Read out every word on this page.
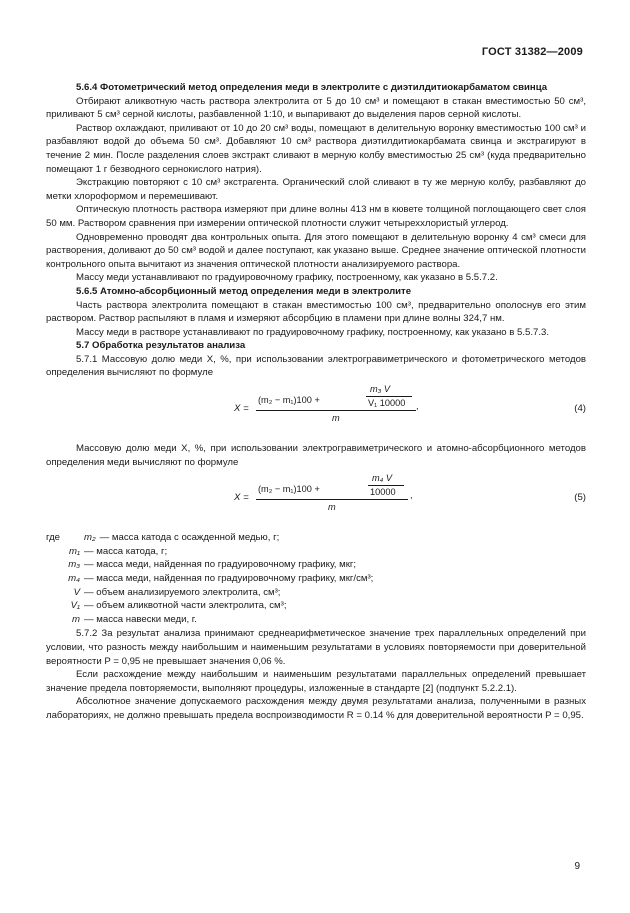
ГОСТ 31382—2009

5.6.4 Фотометрический метод определения меди в электролите с диэтилдитиокарбаматом свинца

Отбирают аликвотную часть раствора электролита от 5 до 10 см³ и помещают в стакан вместимостью 50 см³, приливают 5 см³ серной кислоты, разбавленной 1:10, и выпаривают до выделения паров серной кислоты.

Раствор охлаждают, приливают от 10 до 20 см³ воды, помещают в делительную воронку вместимостью 100 см³ и разбавляют водой до объема 50 см³. Добавляют 10 см³ раствора диэтилдитиокарбамата свинца и экстрагируют в течение 2 мин. После разделения слоев экстракт сливают в мерную колбу вместимостью 25 см³ (куда предварительно помещают 1 г безводного сернокислого натрия).

Экстракцию повторяют с 10 см³ экстрагента. Органический слой сливают в ту же мерную колбу, разбавляют до метки хлороформом и перемешивают.

Оптическую плотность раствора измеряют при длине волны 413 нм в кювете толщиной поглощающего свет слоя 50 мм. Раствором сравнения при измерении оптической плотности служит четыреххлористый углерод.

Одновременно проводят два контрольных опыта. Для этого помещают в делительную воронку 4 см³ смеси для растворения, доливают до 50 см³ водой и далее поступают, как указано выше. Среднее значение оптической плотности контрольного опыта вычитают из значения оптической плотности анализируемого раствора.

Массу меди устанавливают по градуировочному графику, построенному, как указано в 5.5.7.2.

5.6.5 Атомно-абсорбционный метод определения меди в электролите

Часть раствора электролита помещают в стакан вместимостью 100 см³, предварительно ополоснув его этим раствором. Раствор распыляют в пламя и измеряют абсорбцию в пламени при длине волны 324,7 нм.

Массу меди в растворе устанавливают по градуировочному графику, построенному, как указано в 5.5.7.3.

5.7 Обработка результатов анализа

5.7.1 Массовую долю меди X, %, при использовании электрогравиметрического и фотометрического методов определения вычисляют по формуле

X =
(m₂ − m₁)100 +
m₃ V
V₁ 10000
m
,	(4)

Массовую долю меди X, %, при использовании электрогравиметрического и атомно-абсорбционного методов определения меди вычисляют по формуле

X =
(m₂ − m₁)100 +
m₄ V
10000
m
,	(5)
где	m₂ — масса катода с осажденной медью, г;
m₁ — масса катода, г;
m₃ — масса меди, найденная по градуировочному графику, мкг;
m₄ — масса меди, найденная по градуировочному графику, мкг/см³;
V — объем анализируемого электролита, см³;
V₁ — объем аликвотной части электролита, см³;
m — масса навески меди, г.

5.7.2 За результат анализа принимают среднеарифметическое значение трех параллельных определений при условии, что разность между наибольшим и наименьшим результатами в условиях повторяемости при доверительной вероятности P = 0,95 не превышает значения 0,06 %.

Если расхождение между наибольшим и наименьшим результатами параллельных определений превышает значение предела повторяемости, выполняют процедуры, изложенные в стандарте [2] (подпункт 5.2.2.1).

Абсолютное значение допускаемого расхождения между двумя результатами анализа, полученными в разных лабораториях, не должно превышать предела воспроизводимости R = 0.14 % для доверительной вероятности P = 0,95.

9
